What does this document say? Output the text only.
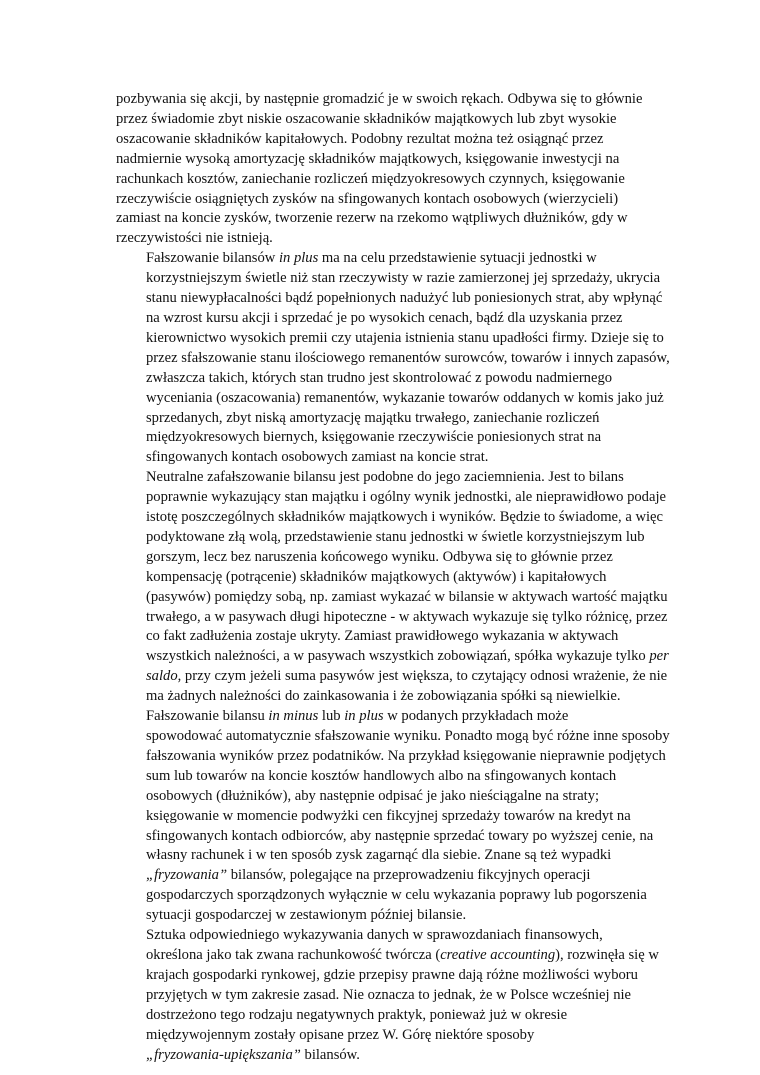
pozbywania się akcji, by następnie gromadzić je w swoich rękach. Odbywa się to głównie
przez świadomie zbyt niskie oszacowanie składników majątkowych lub zbyt wysokie
oszacowanie składników kapitałowych. Podobny rezultat można też osiągnąć przez
nadmiernie wysoką amortyzację składników majątkowych, księgowanie inwestycji na
rachunkach kosztów, zaniechanie rozliczeń międzyokresowych czynnych, księgowanie
rzeczywiście osiągniętych zysków na sfingowanych kontach osobowych (wierzycieli)
zamiast na koncie zysków, tworzenie rezerw na rzekomo wątpliwych dłużników, gdy w
rzeczywistości nie istnieją.
Fałszowanie bilansów in plus ma na celu przedstawienie sytuacji jednostki w
korzystniejszym świetle niż stan rzeczywisty w razie zamierzonej jej sprzedaży, ukrycia
stanu niewypłacalności bądź popełnionych nadużyć lub poniesionych strat, aby wpłynąć
na wzrost kursu akcji i sprzedać je po wysokich cenach, bądź dla uzyskania przez
kierownictwo wysokich premii czy utajenia istnienia stanu upadłości firmy. Dzieje się to
przez sfałszowanie stanu ilościowego remanentów surowców, towarów i innych zapasów,
zwłaszcza takich, których stan trudno jest skontrolować z powodu nadmiernego
wyceniania (oszacowania) remanentów, wykazanie towarów oddanych w komis jako już
sprzedanych, zbyt niską amortyzację majątku trwałego, zaniechanie rozliczeń
międzyokresowych biernych, księgowanie rzeczywiście poniesionych strat na
sfingowanych kontach osobowych zamiast na koncie strat.
Neutralne zafałszowanie bilansu jest podobne do jego zaciemnienia. Jest to bilans
poprawnie wykazujący stan majątku i ogólny wynik jednostki, ale nieprawidłowo podaje
istotę poszczególnych składników majątkowych i wyników. Będzie to świadome, a więc
podyktowane złą wolą, przedstawienie stanu jednostki w świetle korzystniejszym lub
gorszym, lecz bez naruszenia końcowego wyniku. Odbywa się to głównie przez
kompensację (potrącenie) składników majątkowych (aktywów) i kapitałowych
(pasywów) pomiędzy sobą, np. zamiast wykazać w bilansie w aktywach wartość majątku
trwałego, a w pasywach długi hipoteczne - w aktywach wykazuje się tylko różnicę, przez
co fakt zadłużenia zostaje ukryty. Zamiast prawidłowego wykazania w aktywach
wszystkich należności, a w pasywach wszystkich zobowiązań, spółka wykazuje tylko per
saldo, przy czym jeżeli suma pasywów jest większa, to czytający odnosi wrażenie, że nie
ma żadnych należności do zainkasowania i że zobowiązania spółki są niewielkie.
Fałszowanie bilansu in minus lub in plus w podanych przykładach może
spowodować automatycznie sfałszowanie wyniku. Ponadto mogą być różne inne sposoby
fałszowania wyników przez podatników. Na przykład księgowanie nieprawnie podjętych
sum lub towarów na koncie kosztów handlowych albo na sfingowanych kontach
osobowych (dłużników), aby następnie odpisać je jako nieściągalne na straty;
księgowanie w momencie podwyżki cen fikcyjnej sprzedaży towarów na kredyt na
sfingowanych kontach odbiorców, aby następnie sprzedać towary po wyższej cenie, na
własny rachunek i w ten sposób zysk zagarnąć dla siebie. Znane są też wypadki
„fryzowania” bilansów, polegające na przeprowadzeniu fikcyjnych operacji
gospodarczych sporządzonych wyłącznie w celu wykazania poprawy lub pogorszenia
sytuacji gospodarczej w zestawionym później bilansie.
Sztuka odpowiedniego wykazywania danych w sprawozdaniach finansowych,
określona jako tak zwana rachunkowość twórcza (creative accounting), rozwinęła się w
krajach gospodarki rynkowej, gdzie przepisy prawne dają różne możliwości wyboru
przyjętych w tym zakresie zasad. Nie oznacza to jednak, że w Polsce wcześniej nie
dostrzeżono tego rodzaju negatywnych praktyk, ponieważ już w okresie
międzywojennym zostały opisane przez W. Górę niektóre sposoby
„fryzowania-upiększania” bilansów.
